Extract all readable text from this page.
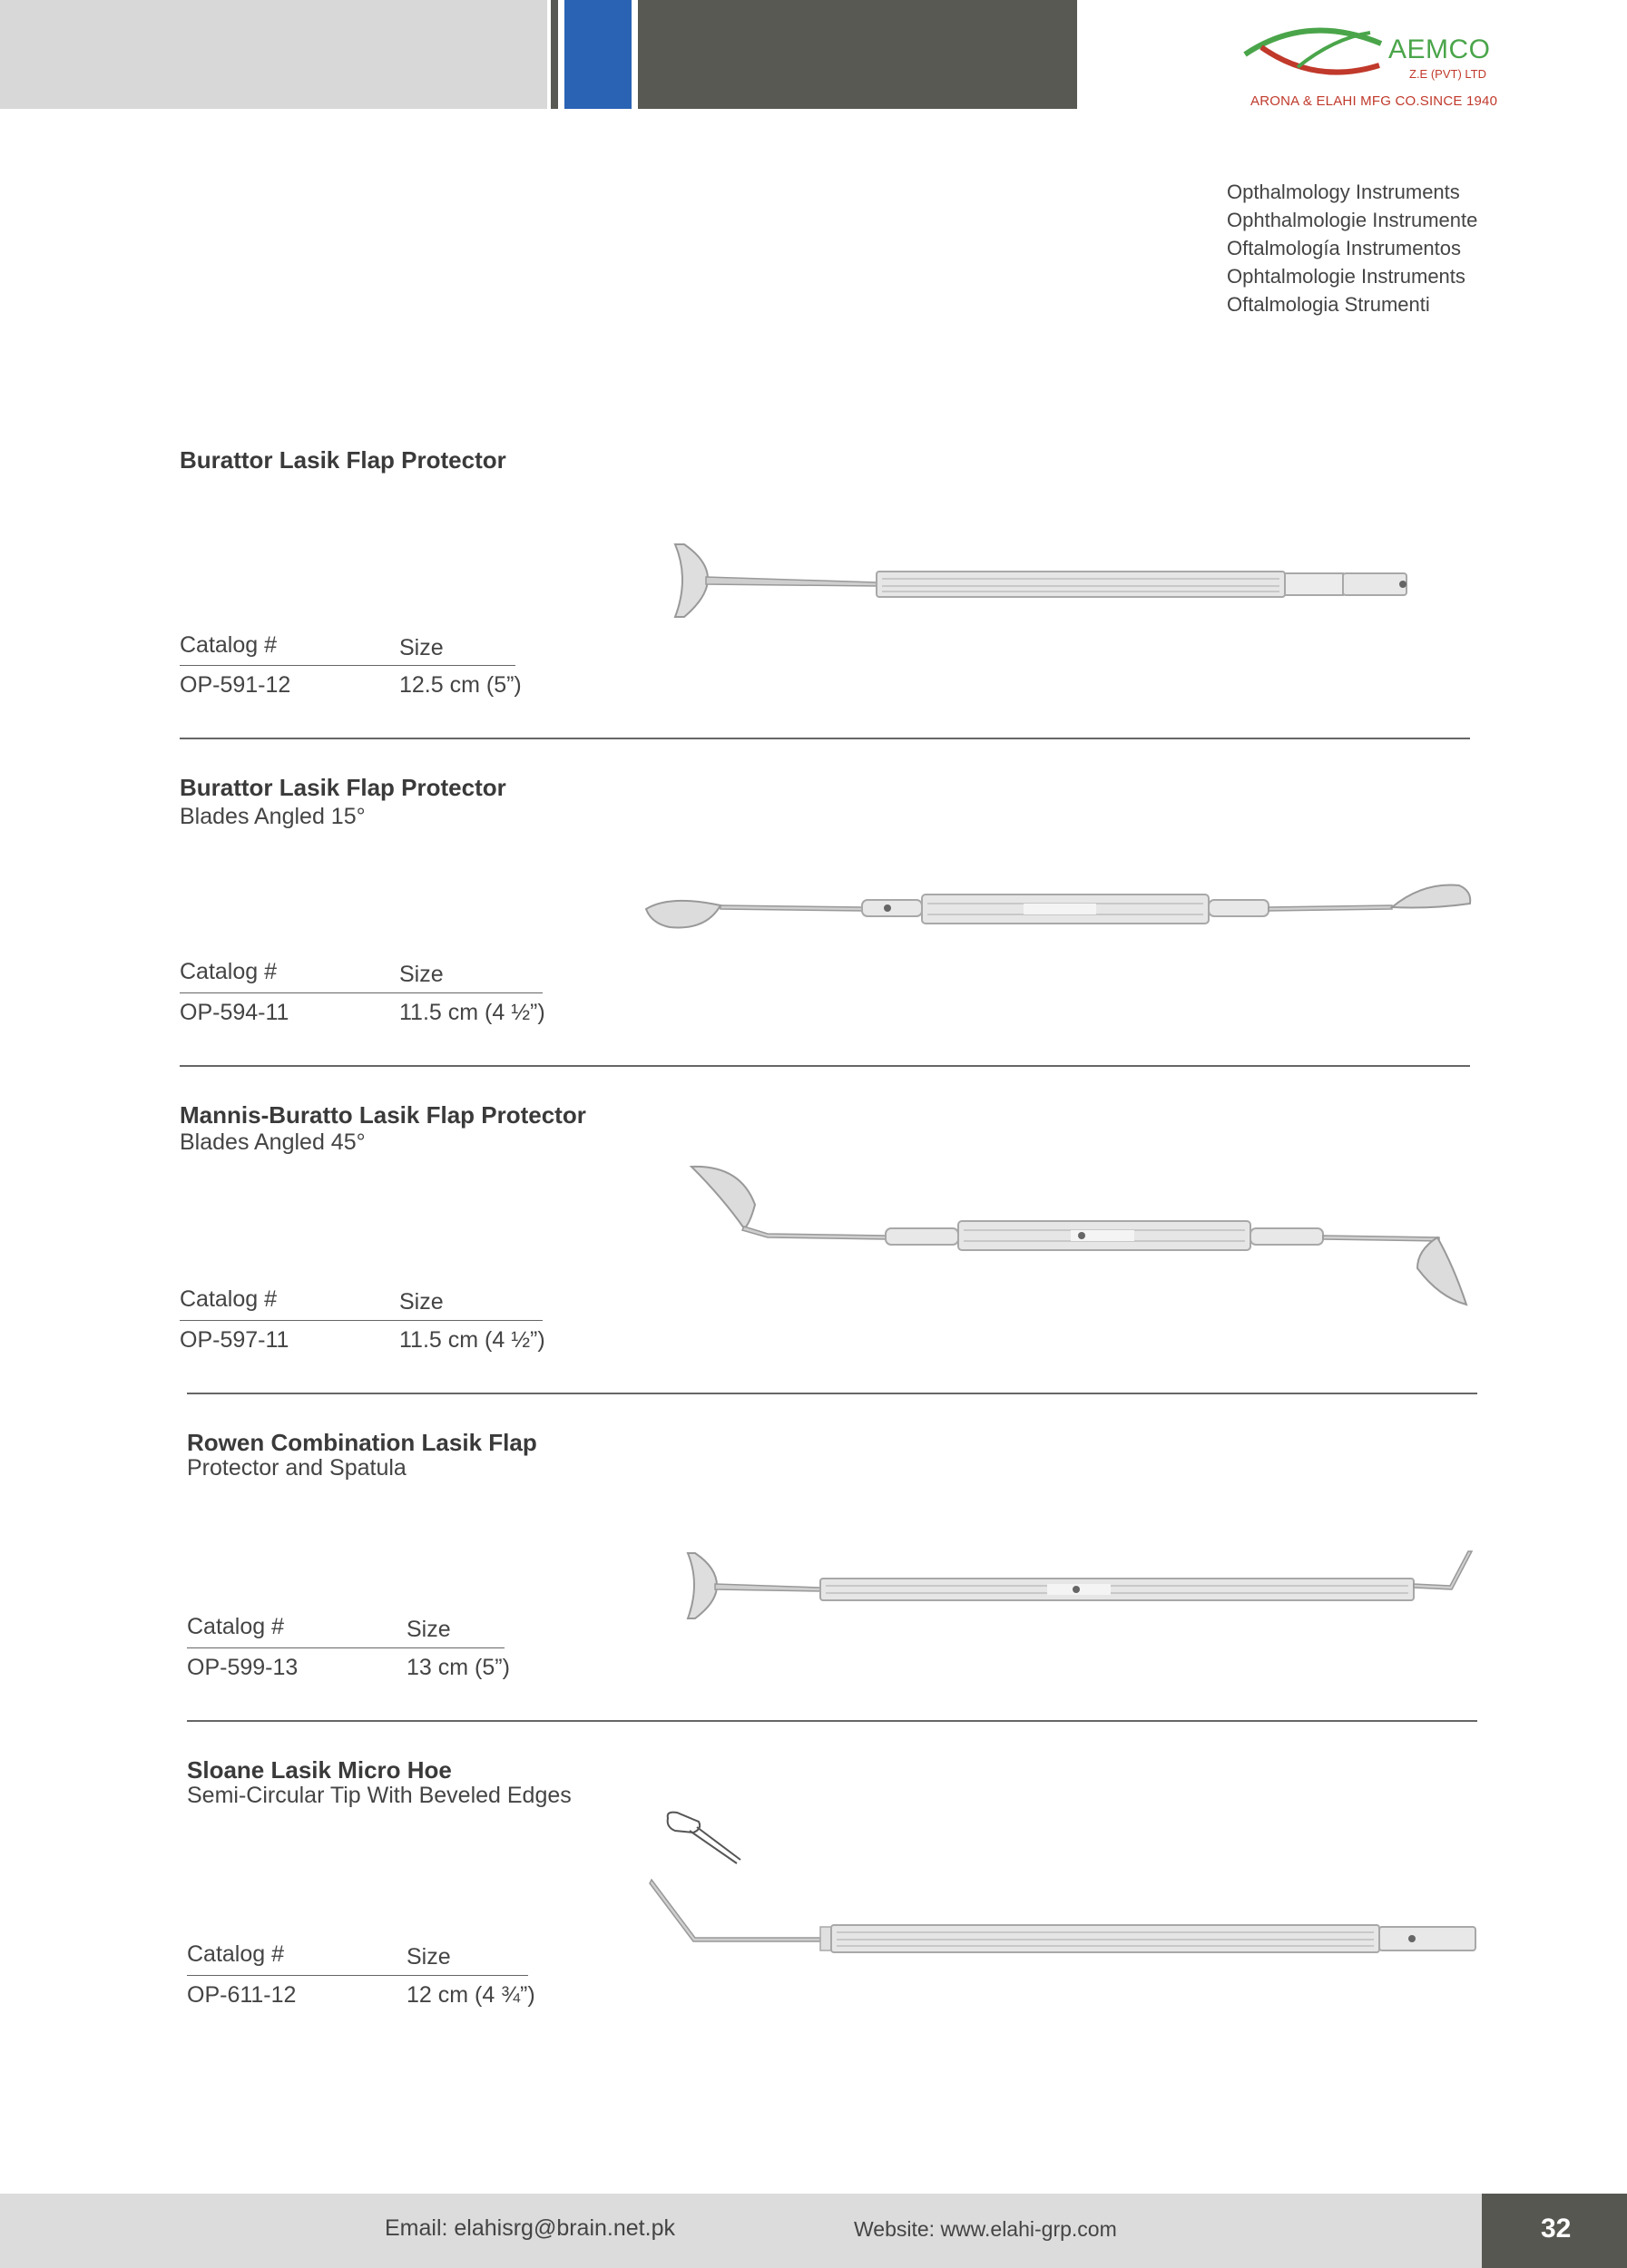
AEMCO
Z.E (PVT) LTD
ARONA & ELAHI MFG CO.SINCE 1940
Opthalmology Instruments
Ophthalmologie Instrumente
Oftalmología Instrumentos
Ophtalmologie Instruments
Oftalmologia Strumenti
Burattor Lasik Flap Protector
Catalog #	Size
OP-591-12	12.5 cm (5”)
Burattor Lasik Flap Protector
Blades Angled 15°
Catalog #	Size
OP-594-11	11.5 cm (4 ½”)
Mannis-Buratto Lasik Flap Protector
Blades Angled 45°
Catalog #	Size
OP-597-11	11.5 cm (4 ½”)
Rowen Combination Lasik Flap
Protector and Spatula
Catalog #	Size
OP-599-13	13 cm (5”)
Sloane Lasik Micro Hoe
Semi-Circular Tip With Beveled Edges
Catalog #	Size
OP-611-12	12 cm (4 ¾”)
Email: elahisrg@brain.net.pk	Website: www.elahi-grp.com	32
